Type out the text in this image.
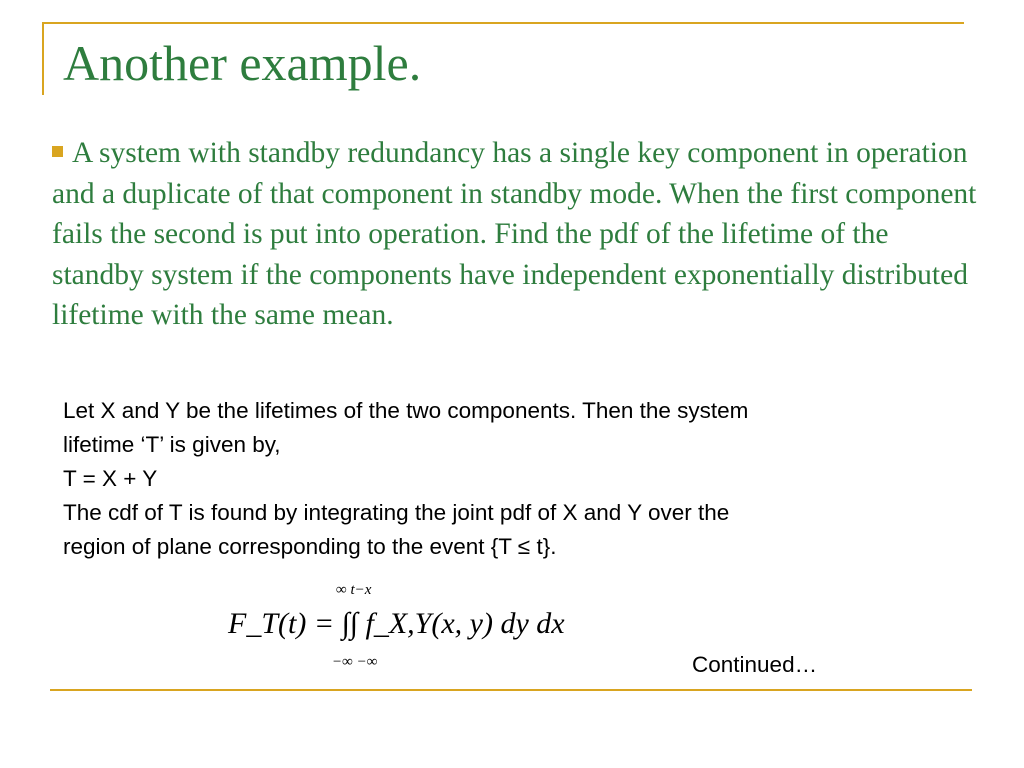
Another example.
A system with standby redundancy has a single key component in operation and a duplicate of that component in standby mode. When the first component fails the second is put into operation. Find the pdf of the lifetime of the standby system if the components have independent exponentially distributed lifetime with the same mean.
Let X and Y be the lifetimes of the two components. Then the system
lifetime ‘T’ is given by,
T = X + Y
The cdf of T is found by integrating the joint pdf of X and Y over the
region of plane corresponding to the event {T ≤ t}.
∞ t−x
F_T(t) = ∫∫ f_X,Y(x, y) dy dx
−∞ −∞	Continued…
